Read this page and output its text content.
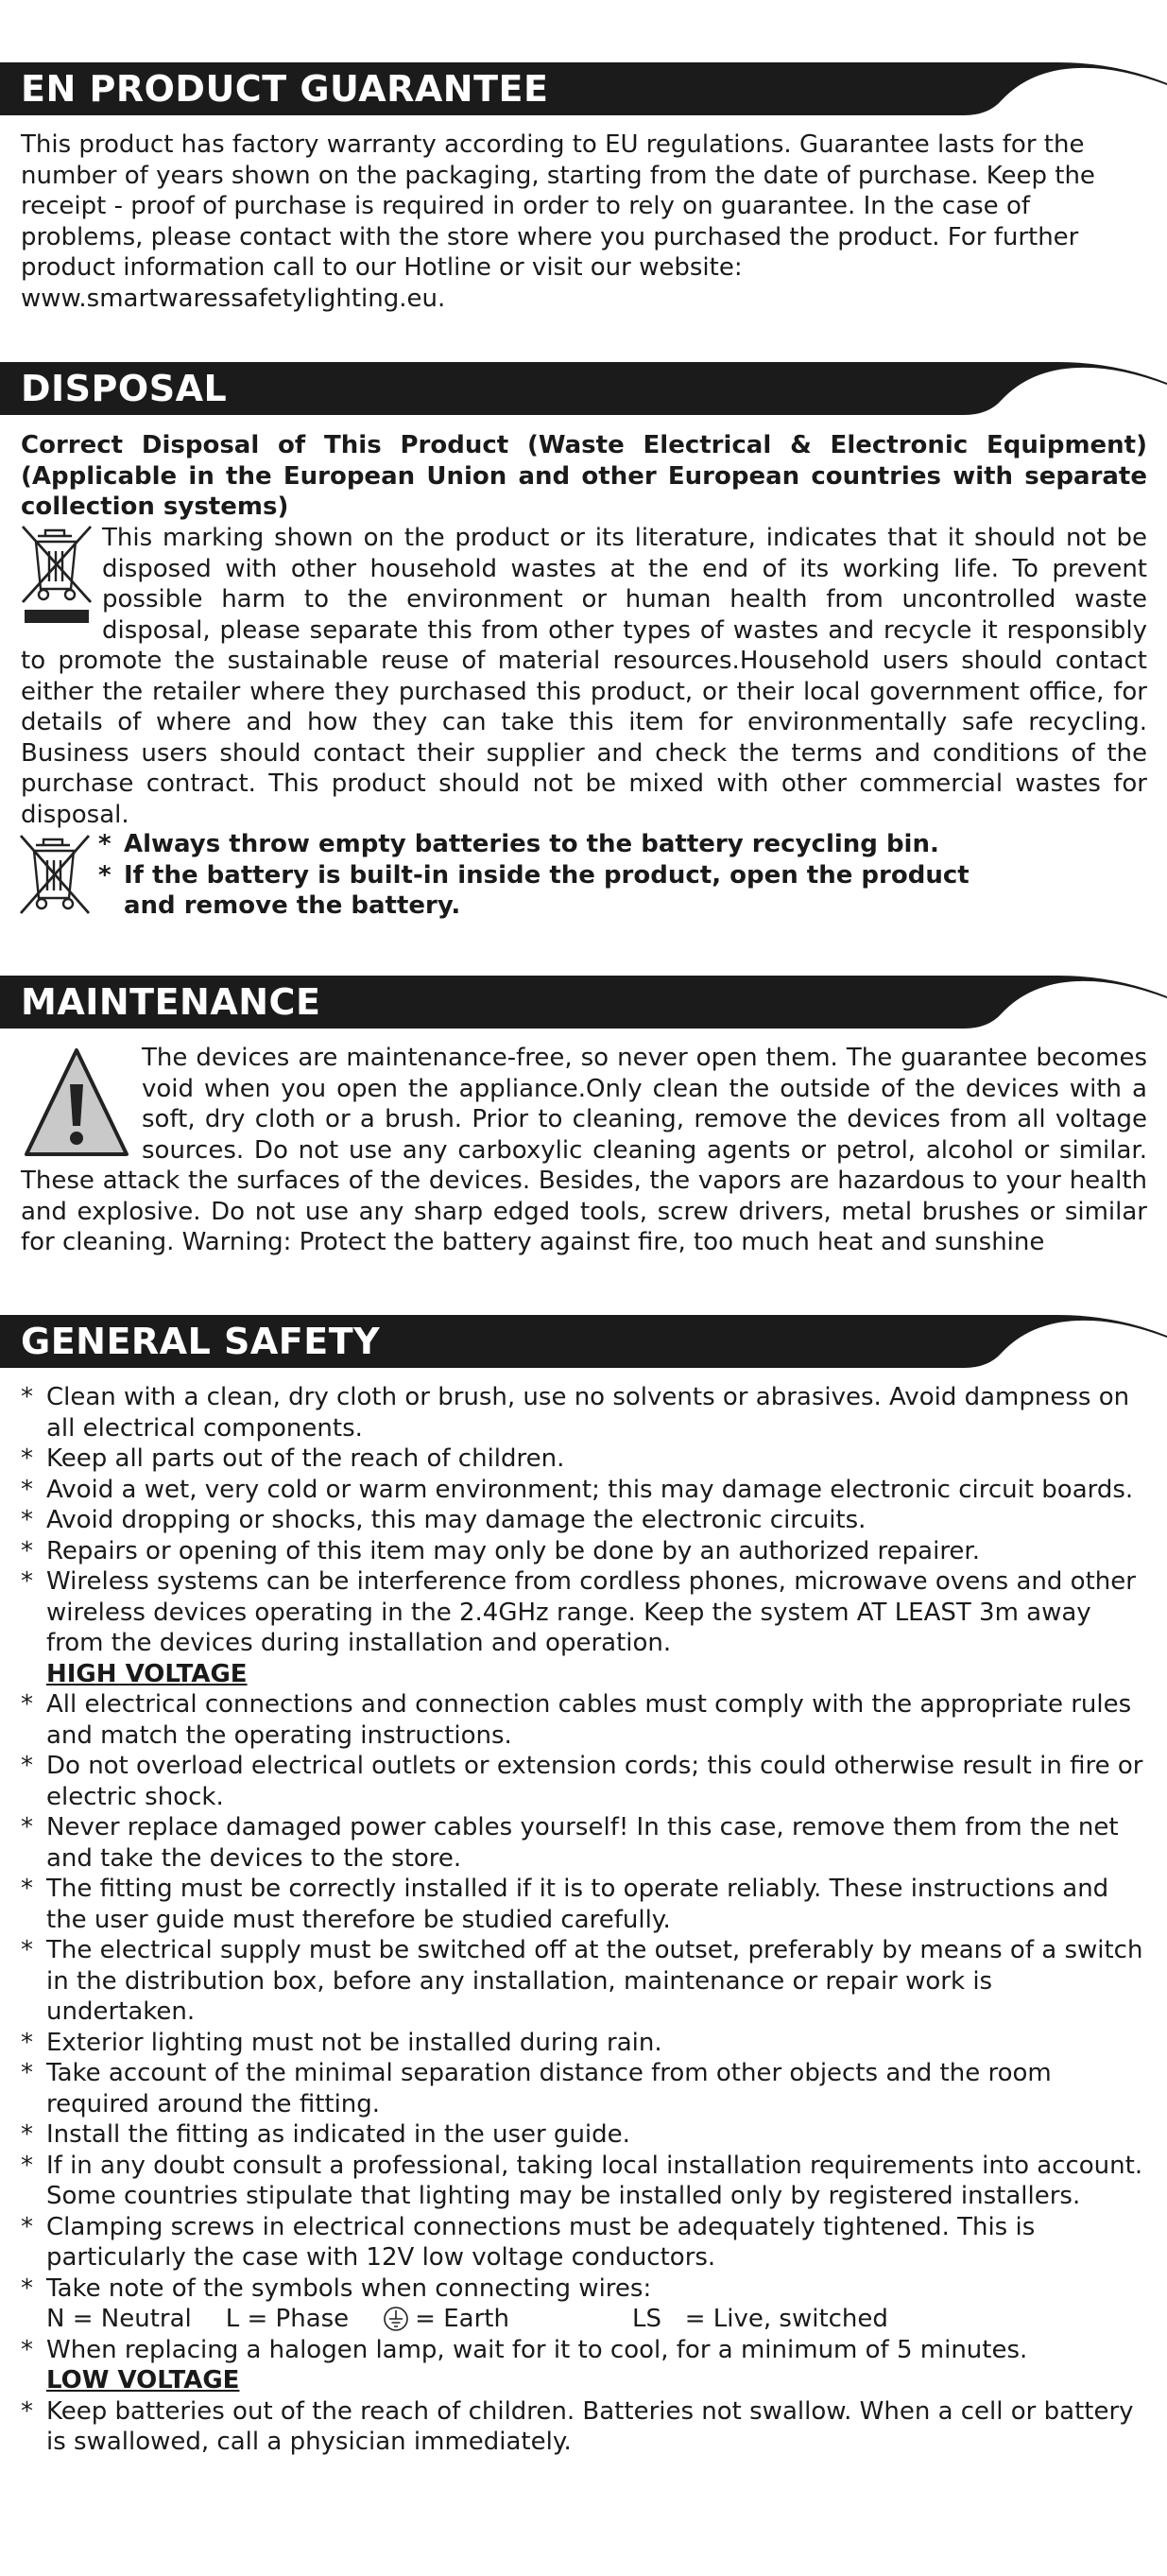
EN PRODUCT GUARANTEE

This product has factory warranty according to EU regulations. Guarantee lasts for the number of years shown on the packaging, starting from the date of purchase. Keep the receipt - proof of purchase is required in order to rely on guarantee. In the case of problems, please contact with the store where you purchased the product. For further product information call to our Hotline or visit our website: www.smartwaressafetylighting.eu.

DISPOSAL

Correct Disposal of This Product (Waste Electrical & Electronic Equipment) (Applicable in the European Union and other European countries with separate collection systems)

This marking shown on the product or its literature, indicates that it should not be disposed with other household wastes at the end of its working life. To prevent possible harm to the environment or human health from uncontrolled waste disposal, please separate this from other types of wastes and recycle it responsibly to promote the sustainable reuse of material resources.Household users should contact either the retailer where they purchased this product, or their local government office, for details of where and how they can take this item for environmentally safe recycling. Business users should contact their supplier and check the terms and conditions of the purchase contract. This product should not be mixed with other commercial wastes for disposal.
* Always throw empty batteries to the battery recycling bin.
* If the battery is built-in inside the product, open the product and remove the battery.
MAINTENANCE
The devices are maintenance-free, so never open them. The guarantee becomes void when you open the appliance.Only clean the outside of the devices with a soft, dry cloth or a brush. Prior to cleaning, remove the devices from all voltage sources. Do not use any carboxylic cleaning agents or petrol, alcohol or similar. These attack the surfaces of the devices. Besides, the vapors are hazardous to your health and explosive. Do not use any sharp edged tools, screw drivers, metal brushes or similar for cleaning. Warning: Protect the battery against fire, too much heat and sunshine
GENERAL SAFETY
* Clean with a clean, dry cloth or brush, use no solvents or abrasives. Avoid dampness on all electrical components.
* Keep all parts out of the reach of children.
* Avoid a wet, very cold or warm environment; this may damage electronic circuit boards.
* Avoid dropping or shocks, this may damage the electronic circuits.
* Repairs or opening of this item may only be done by an authorized repairer.
* Wireless systems can be interference from cordless phones, microwave ovens and other wireless devices operating in the 2.4GHz range. Keep the system AT LEAST 3m away from the devices during installation and operation.
HIGH VOLTAGE
* All electrical connections and connection cables must comply with the appropriate rules and match the operating instructions.
* Do not overload electrical outlets or extension cords; this could otherwise result in fire or electric shock.
* Never replace damaged power cables yourself! In this case, remove them from the net and take the devices to the store.
* The fitting must be correctly installed if it is to operate reliably. These instructions and the user guide must therefore be studied carefully.
* The electrical supply must be switched off at the outset, preferably by means of a switch in the distribution box, before any installation, maintenance or repair work is undertaken.
* Exterior lighting must not be installed during rain.
* Take account of the minimal separation distance from other objects and the room required around the fitting.
* Install the fitting as indicated in the user guide.
* If in any doubt consult a professional, taking local installation requirements into account. Some countries stipulate that lighting may be installed only by registered installers.
* Clamping screws in electrical connections must be adequately tightened. This is particularly the case with 12V low voltage conductors.
* Take note of the symbols when connecting wires:
N = Neutral L = Phase	= Earth	LS   = Live, switched
* When replacing a halogen lamp, wait for it to cool, for a minimum of 5 minutes.
LOW VOLTAGE
* Keep batteries out of the reach of children. Batteries not swallow. When a cell or battery is swallowed, call a physician immediately.
